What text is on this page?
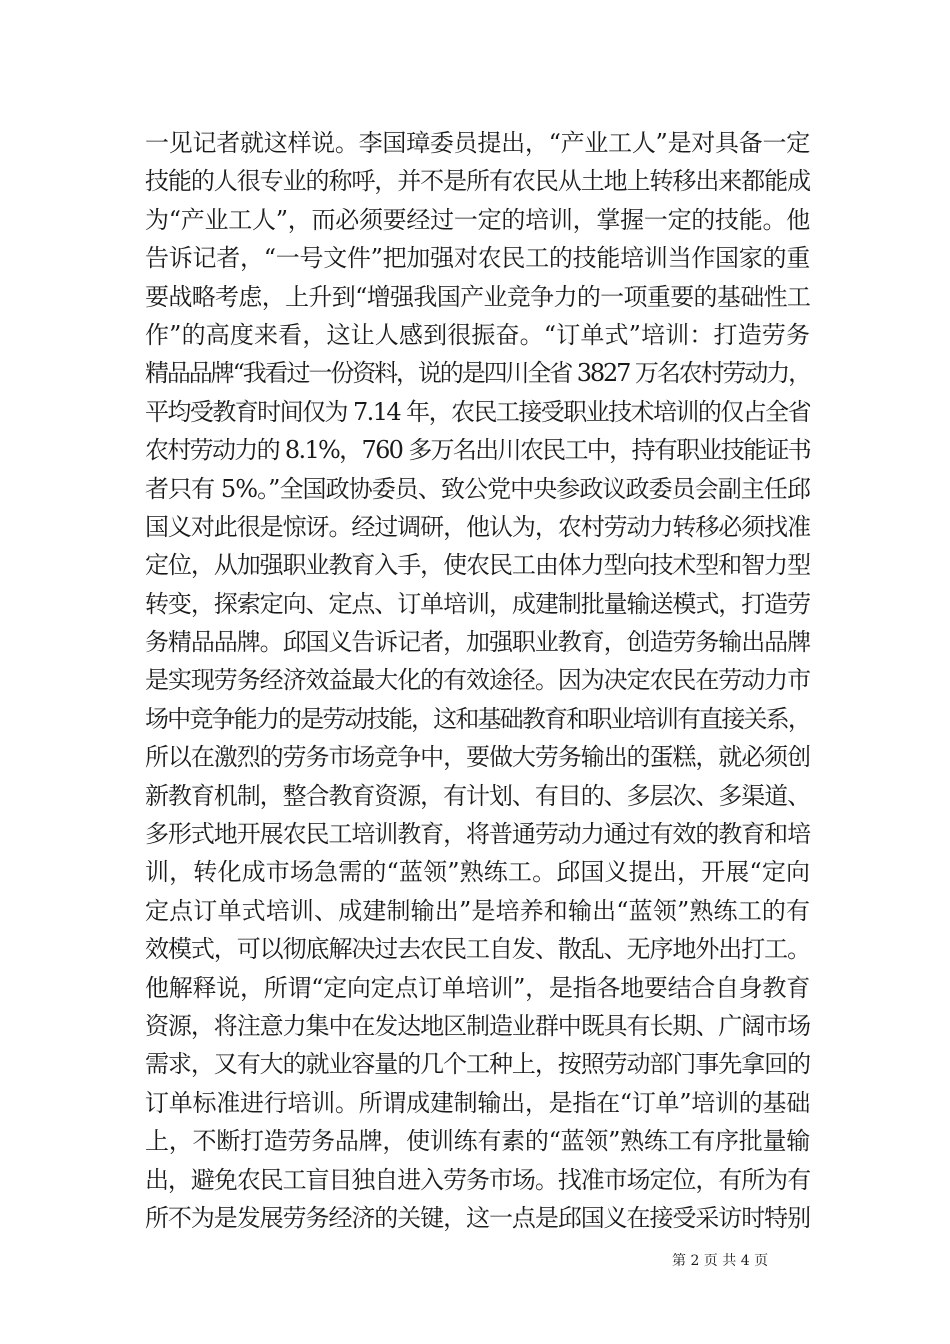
一见记者就这样说。李国璋委员提出，“产业工人”是对具备一定
技能的人很专业的称呼，并不是所有农民从土地上转移出来都能成
为“产业工人”，而必须要经过一定的培训，掌握一定的技能。他
告诉记者，“一号文件”把加强对农民工的技能培训当作国家的重
要战略考虑，上升到“增强我国产业竞争力的一项重要的基础性工
作”的高度来看，这让人感到很振奋。“订单式”培训：打造劳务
精品品牌“我看过一份资料，说的是四川全省 3827 万名农村劳动力，
平均受教育时间仅为 7.14 年，农民工接受职业技术培训的仅占全省
农村劳动力的 8.1%，760 多万名出川农民工中，持有职业技能证书
者只有 5%。”全国政协委员、致公党中央参政议政委员会副主任邱
国义对此很是惊讶。经过调研，他认为，农村劳动力转移必须找准
定位，从加强职业教育入手，使农民工由体力型向技术型和智力型
转变，探索定向、定点、订单培训，成建制批量输送模式，打造劳
务精品品牌。邱国义告诉记者，加强职业教育，创造劳务输出品牌
是实现劳务经济效益最大化的有效途径。因为决定农民在劳动力市
场中竞争能力的是劳动技能，这和基础教育和职业培训有直接关系，
所以在激烈的劳务市场竞争中，要做大劳务输出的蛋糕，就必须创
新教育机制，整合教育资源，有计划、有目的、多层次、多渠道、
多形式地开展农民工培训教育，将普通劳动力通过有效的教育和培
训，转化成市场急需的“蓝领”熟练工。邱国义提出，开展“定向
定点订单式培训、成建制输出”是培养和输出“蓝领”熟练工的有
效模式，可以彻底解决过去农民工自发、散乱、无序地外出打工。
他解释说，所谓“定向定点订单培训”，是指各地要结合自身教育
资源，将注意力集中在发达地区制造业群中既具有长期、广阔市场
需求，又有大的就业容量的几个工种上，按照劳动部门事先拿回的
订单标准进行培训。所谓成建制输出，是指在“订单”培训的基础
上，不断打造劳务品牌，使训练有素的“蓝领”熟练工有序批量输
出，避免农民工盲目独自进入劳务市场。找准市场定位，有所为有
所不为是发展劳务经济的关键，这一点是邱国义在接受采访时特别
第 2 页 共 4 页
